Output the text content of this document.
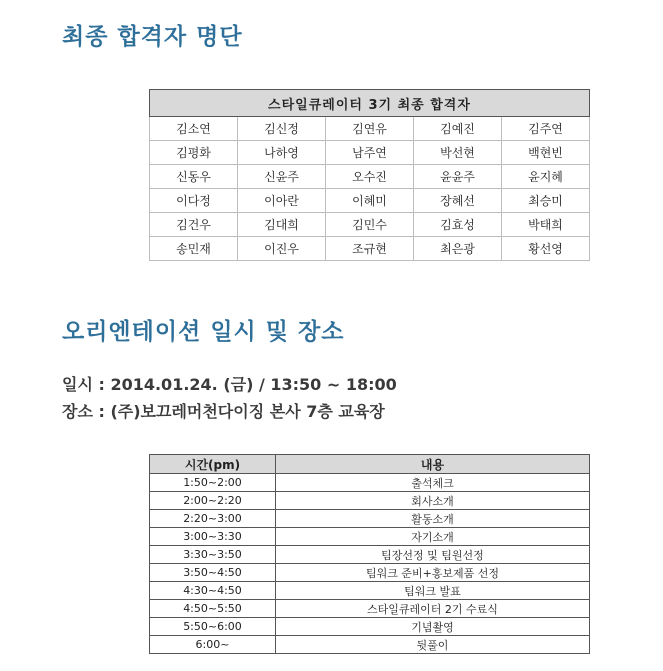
최종 합격자 명단
스타일큐레이터 3기 최종 합격자				
김소연	김신정	김연유	김예진	김주연
김평화	나하영	남주연	박선현	백현빈
신동우	신윤주	오수진	윤윤주	윤지혜
이다정	이아란	이혜미	장혜선	최승미
김건우	김대희	김민수	김효성	박태희
송민재	이진우	조규현	최은광	황선영
오리엔테이션 일시 및 장소

일시 : 2014.01.24. (금) / 13:50 ~ 18:00

장소 : (주)보끄레머천다이징 본사 7층 교육장

시간(pm)	내용
1:50~2:00	출석체크
2:00~2:20	회사소개
2:20~3:00	활동소개
3:00~3:30	자기소개
3:30~3:50	팀장선정 및 팀원선정
3:50~4:50	팀워크 준비+홍보제품 선정
4:30~4:50	팀워크 발표
4:50~5:50	스타일큐레이터 2기 수료식
5:50~6:00	기념촬영
6:00~	뒷풀이
